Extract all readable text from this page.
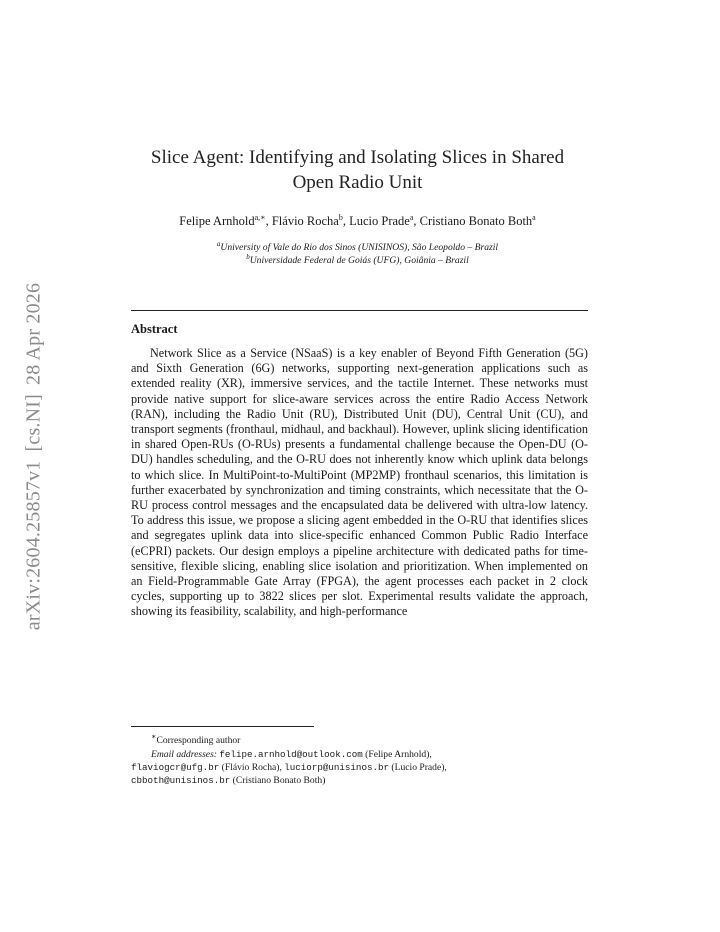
arXiv:2604.25857v1[cs.NI]28 Apr 2026
Slice Agent: Identifying and Isolating Slices in Shared
Open Radio Unit
Felipe Arnhold$^{a,∗}$, Flávio Rocha$^b$, Lucio Prade$^a$, Cristiano Bonato Both$^a$
$^a$University of Vale do Rio dos Sinos (UNISINOS), São Leopoldo – Brazil
$^b$Universidade Federal de Goiás (UFG), Goiânia – Brazil
Abstract

Network Slice as a Service (NSaaS) is a key enabler of Beyond Fifth Generation (5G) and Sixth Generation (6G) networks, supporting next-generation applications such as extended reality (XR), immersive services, and the tactile Internet. These networks must provide native support for slice-aware services across the entire Radio Access Network (RAN), including the Radio Unit (RU), Distributed Unit (DU), Central Unit (CU), and transport segments (fronthaul, midhaul, and backhaul). However, uplink slicing identification in shared Open-RUs (O-RUs) presents a fundamental challenge because the Open-DU (O-DU) handles scheduling, and the O-RU does not inherently know which uplink data belongs to which slice. In MultiPoint-to-MultiPoint (MP2MP) fronthaul scenarios, this limitation is further exacerbated by synchronization and timing constraints, which necessitate that the O-RU process control messages and the encapsulated data be delivered with ultra-low latency. To address this issue, we propose a slicing agent embedded in the O-RU that identifies slices and segregates uplink data into slice-specific enhanced Common Public Radio Interface (eCPRI) packets. Our design employs a pipeline architecture with dedicated paths for time-sensitive, flexible slicing, enabling slice isolation and prioritization. When implemented on an Field-Programmable Gate Array (FPGA), the agent processes each packet in 2 clock cycles, supporting up to 3822 slices per slot. Experimental results validate the approach, showing its feasibility, scalability, and high-performance

∗Corresponding author
Email addresses: felipe.arnhold@outlook.com (Felipe Arnhold),
flaviogcr@ufg.br (Flávio Rocha), luciorp@unisinos.br (Lucio Prade),
cbboth@unisinos.br (Cristiano Bonato Both)
